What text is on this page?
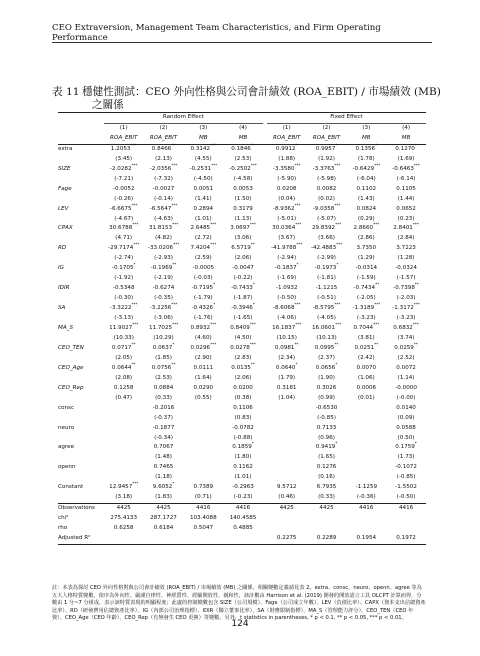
CEO Extraversion, Management Team Characteristics, and Firm Operating Performance
表 11 穩健性測試：CEO 外向性格與公司會計績效 (ROA_EBIT) / 市場績效 (MB)
之關係
	Random Effect					Fixed Effect			
	(1)	(2)	(3)	(4)		(1)	(2)	(3)	(4)
	ROA_EBIT	ROA_EBIT	MB	MB		ROA_EBIT	ROA_EBIT	MB	MB
extra	1.2053***	0.8466**	0.3142***	0.1846**		0.9912*	0.9957*	0.1356*	0.1270*
	(3.45)	(2.13)	(4.55)	(2.53)		(1.88)	(1.92)	(1.78)	(1.69)
SIZE	-2.0282***	-2.0356***	-0.2531***	-0.2502***		-3.3580***	-3.3763***	-0.6429***	-0.6463***
	(-7.21)	(-7.32)	(-4.50)	(-4.58)		(-5.90)	(-5.98)	(-6.04)	(-6.14)
Fage	-0.0052	-0.0027	0.0051	0.0053		0.0208	0.0082	0.1102	0.1105
	(-0.26)	(-0.14)	(1.41)	(1.50)		(0.04)	(0.02)	(1.43)	(1.44)
LEV	-6.6675***	-6.5647***	0.2894	0.3179		-8.9362***	-9.0358***	0.0824	0.0652
	(-4.67)	(-4.63)	(1.01)	(1.13)		(-5.01)	(-5.07)	(0.29)	(0.23)
CPAX	30.6788***	31.8153***	2.6485***	3.0697***		30.0364***	29.8392***	2.8660***	2.8401***
	(4.71)	(4.82)	(2.72)	(3.06)		(3.67)	(3.66)	(2.86)	(2.84)
RD	-29.7174***	-33.0206***	7.4204***	6.5719**		-41.9788***	-42.4883***	3.7350	3.7223
	(-2.74)	(-2.93)	(2.59)	(2.06)		(-2.94)	(-2.99)	(1.29)	(1.28)
IG	-0.1705*	-0.1969**	-0.0005	-0.0047		-0.1837*	-0.1973*	-0.0314	-0.0324
	(-1.92)	(-2.19)	(-0.03)	(-0.22)		(-1.69)	(-1.81)	(-1.59)	(-1.57)
IDIR	-0.5348	-0.6274	-0.7195*	-0.7433*		-1.0932	-1.1215	-0.7434**	-0.7398**
	(-0.30)	(-0.35)	(-1.79)	(-1.87)		(-0.50)	(-0.51)	(-2.05)	(-2.03)
SA	-3.3222***	-3.2256***	-0.4326*	-0.3946*		-8.6068***	-8.5795***	-1.3189***	-1.3172***
	(-3.13)	(-3.06)	(-1.76)	(-1.65)		(-4.06)	(-4.05)	(-3.23)	(-3.23)
MA_S	11.9027***	11.7025***	0.8932***	0.8409***		16.1837***	16.0601***	0.7044***	0.6832***
	(10.33)	(10.29)	(4.60)	(4.50)		(10.15)	(10.13)	(3.81)	(3.74)
CEO_TEN	0.0717**	0.0637*	0.0296***	0.0278***		0.0981**	0.0995**	0.0251**	0.0259**
	(2.05)	(1.85)	(2.90)	(2.83)		(2.34)	(2.37)	(2.42)	(2.52)
CEO_Age	0.0644**	0.0756**	0.0111	0.0135**		0.0640*	0.0656*	0.0070	0.0072
	(2.08)	(2.53)	(1.64)	(2.06)		(1.79)	(1.90)	(1.06)	(1.14)
CEO_Rep	0.1258	0.0884	0.0290	0.0200		0.3181	0.3026	0.0006	-0.0000
	(0.47)	(0.33)	(0.55)	(0.38)		(1.04)	(0.99)	(0.01)	(-0.00)
consc		-0.2016		0.1106			-0.6530		0.0140
		(-0.37)		(0.83)			(-0.85)		(0.09)
neuro		-0.1877		-0.0782			0.7133		0.0588
		(-0.34)		(-0.88)			(0.96)		(0.50)
agree		0.7067		0.1859*			0.9419*		0.1759*
		(1.48)		(1.80)			(1.65)		(1.73)
openn		0.7465		0.1162			0.1276		-0.1072
		(1.18)		(1.01)			(0.16)		(-0.85)
Constant	12.9457***	9.6052*	0.7389	-0.2963		9.5712	6.7935	-1.1259	-1.5502
	(3.18)	(1.83)	(0.71)	(-0.23)		(0.46)	(0.33)	(-0.36)	(-0.50)
Observations	4425	4425	4416	4416		4425	4425	4416	4416
chi²	275.4133	287.1727	103.4088	140.4585					
rho	0.6258	0.6184	0.5047	0.4885					
Adjusted R²						0.2275	0.2289	0.1954	0.1972
註：本表為探討 CEO 外向性格對與公司會計績效 (ROA_EBIT) / 市場績效 (MB) 之關係，相關變數定義請見表 2。extra、consc、neuro、openn、agree 等為五大人格特質變數，依序為外向性、嚴謹自律性、神經質性、經驗開放性、親和性，該計數由 Harrison et al. (2019) 開發的開放語言工具 OLCPT 計算而得，分數由 1 分~7 分組成，表示該特質表現的明顯程度；此處的控制變數包含 SIZE（公司規模）、Fage（公司成立年數）、LEV（負債比率）、CAPX（資本支出佔總資產比率）、RD（研發費用佔總資產比率）、IG（內部公司治理指標）、IDIR（獨立董事比率）、SA（財務限制指標）、MA_S（管理能力評分）、CEO_TEN（CEO 年資）、CEO_Age（CEO 年齡）、CEO_Rep（有無發生 CEO 更換）等變數。另外，t statistics in parentheses, * p < 0.1, ** p < 0.05, *** p < 0.01。
124
